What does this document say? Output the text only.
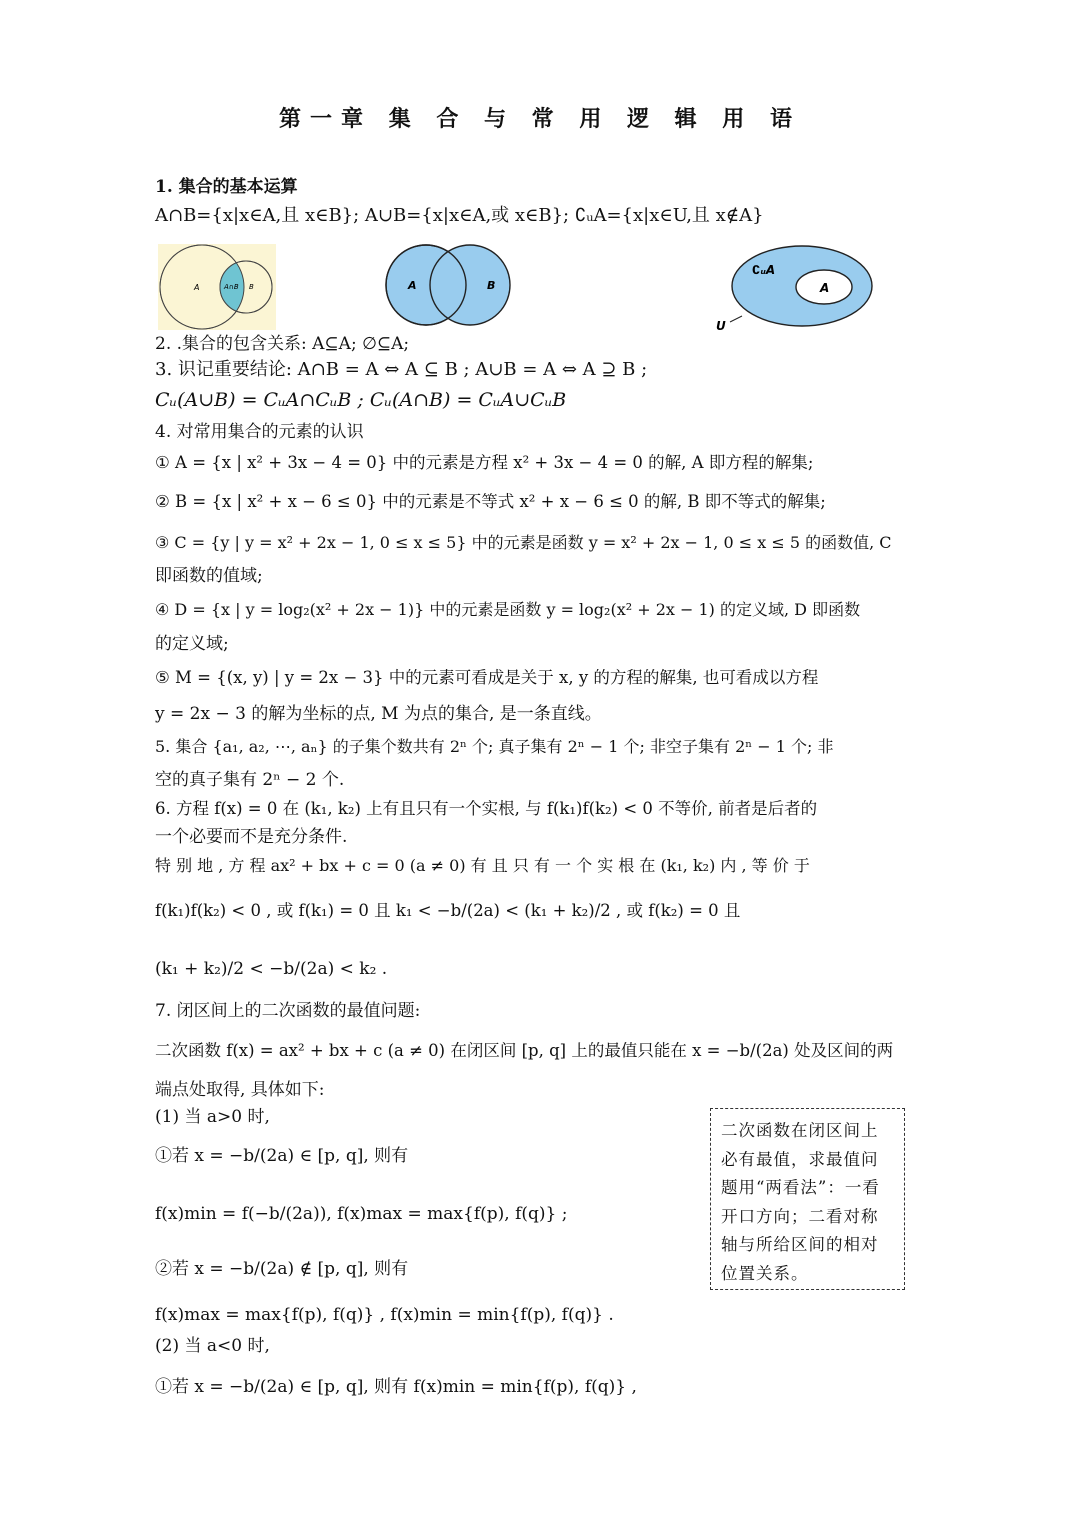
第一章 集 合 与 常 用 逻 辑 用 语
1. 集合的基本运算
A∩B={x|x∈A,且 x∈B}; A∪B={x|x∈A,或 x∈B}; ∁ᵤA={x|x∈U,且 x∉A}
A	A∩B B	A	B
∁ᵤA
A
U
2. .集合的包含关系: A⊆A; ∅⊆A;
3. 识记重要结论: A∩B = A ⇔ A ⊆ B ; A∪B = A ⇔ A ⊇ B ;
Cᵤ(A∪B) = CᵤA∩CᵤB ; Cᵤ(A∩B) = CᵤA∪CᵤB
4. 对常用集合的元素的认识
① A = {x | x² + 3x − 4 = 0} 中的元素是方程 x² + 3x − 4 = 0 的解, A 即方程的解集;
② B = {x | x² + x − 6 ≤ 0} 中的元素是不等式 x² + x − 6 ≤ 0 的解, B 即不等式的解集;
③ C = {y | y = x² + 2x − 1, 0 ≤ x ≤ 5} 中的元素是函数 y = x² + 2x − 1, 0 ≤ x ≤ 5 的函数值, C
即函数的值域;
④ D = {x | y = log₂(x² + 2x − 1)} 中的元素是函数 y = log₂(x² + 2x − 1) 的定义域, D 即函数
的定义域;
⑤ M = {(x, y) | y = 2x − 3} 中的元素可看成是关于 x, y 的方程的解集, 也可看成以方程
y = 2x − 3 的解为坐标的点, M 为点的集合, 是一条直线。
5. 集合 {a₁, a₂, ⋯, aₙ} 的子集个数共有 2ⁿ 个; 真子集有 2ⁿ − 1 个; 非空子集有 2ⁿ − 1 个; 非
空的真子集有 2ⁿ − 2 个.
6. 方程 f(x) = 0 在 (k₁, k₂) 上有且只有一个实根, 与 f(k₁)f(k₂) < 0 不等价, 前者是后者的
一个必要而不是充分条件.
特 别 地 , 方 程 ax² + bx + c = 0 (a ≠ 0) 有 且 只 有 一 个 实 根 在 (k₁, k₂) 内 , 等 价 于
f(k₁)f(k₂) < 0 , 或 f(k₁) = 0 且 k₁ < −b/(2a) < (k₁ + k₂)/2 , 或 f(k₂) = 0 且
(k₁ + k₂)/2 < −b/(2a) < k₂ .
7. 闭区间上的二次函数的最值问题:
二次函数 f(x) = ax² + bx + c (a ≠ 0) 在闭区间 [p, q] 上的最值只能在 x = −b/(2a) 处及区间的两
端点处取得, 具体如下:
(1) 当 a>0 时,
①若 x = −b/(2a) ∈ [p, q], 则有
f(x)min = f(−b/(2a)), f(x)max = max{f(p), f(q)} ;
②若 x = −b/(2a) ∉ [p, q], 则有
f(x)max = max{f(p), f(q)} , f(x)min = min{f(p), f(q)} .
(2) 当 a<0 时,
①若 x = −b/(2a) ∈ [p, q], 则有 f(x)min = min{f(p), f(q)} ,
二次函数在闭区间上必有最值，求最值问题用“两看法”：一看开口方向；二看对称轴与所给区间的相对位置关系。
